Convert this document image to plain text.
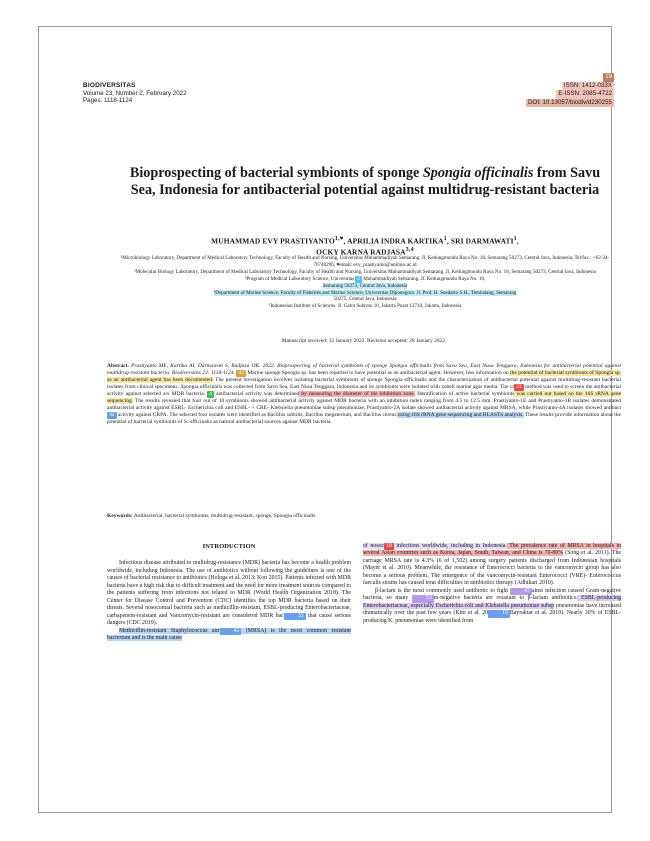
BIODIVERSITAS
Volume 23, Number 2, February 2022
Pages: 1118-1124
19
ISSN: 1412-033X
E-ISSN: 2085-4722
DOI: 10.13057/biodiv/d230255
Bioprospecting of bacterial symbionts of sponge Spongia officinalis from Savu Sea, Indonesia for antibacterial potential against multidrug-resistant bacteria
MUHAMMAD EVY $PRASTIYANTO^{1,♥}$, APRILIA INDRA KARTIKA$^1$, SRI DARMAWATI$^1$,
OCKY KARNA RADJASA$^{3,4}$
¹Microbiology Laboratory, Department of Medical Laboratory Technology, Faculty of Health and Nursing, Universitas Muhammadiyah Semarang. Jl. Kedungmundu Raya No. 18, Semarang 50273, Central Java, Indonesia. Tel/fax.: +62-24-76740296, ♥email: evy_prastiyanto@unimus.ac.id
²Molecular Biology Laboratory, Department of Medical Laboratory Technology, Faculty of Health and Nursing, Universitas Muhammadiyah Semarang. Jl. Kedungmundu Raya No. 18, Semarang 50273, Central Java, Indonesia
³Program of Medical Laboratory Science, Universitas 2 Muhammadiyah Semarang. Jl. Kedungmundu Raya No. 18,
Semarang 50273, Central Java, Indonesia
⁴Department of Marine Science, Faculty of Fisheries and Marine Science, Universitas Diponegoro. Jl. Prof. H. Soedarto S.H., Tembalang, Semarang
50275, Central Java, Indonesia
⁵Indonesian Institute of Sciences. Jl. Gatot Subroto 10, Jakarta Pusat 12710, Jakarta, Indonesia
Manuscript received: 12 January 2022. Revision accepted: 28 January 2022.
Abstract. Prastiyanto ME, Kartika AI, Darmawati S, Radjasa OK. 2022. Bioprospecting of bacterial symbionts of sponge Spongia officinalis from Savu Sea, East Nusa Tenggara, Indonesia for antibacterial potential against multidrug-resistant bacteria. Biodiversitas 23: 1118-1124. 42 Marine sponge Spongia sp. has been reported to have potential as an antibacterial agent. However, less information on the potential of bacterial symbionts of Spongia sp. as an antibacterial agent has been documented. The present investigation involves isolating bacterial symbionts of sponge Spongia officinalis and the characterization of antibacterial potential against multidrug-resistant bacterial isolates from clinical specimens. Spongia officinalis was collected from Savu Sea, East Nusa Tenggara, Indonesia and its symbionts were isolated with zobell marine agar media. The cr 23 method was used to screen the antibacterial activity against selected six MDR bacteria. 4 antibacterial activity was determined by measuring the diameter of the inhibition zone. Identification of active bacterial symbionts was carried out based on the 16S rRNA gene sequencing. The results revealed that four out of 10 symbionts showed antibacterial activity against MDR bacteria with an inhibition index ranging from 4.5 to 12.5 mm. Prastiyanto-1E and Prastiyanto-1B isolates demonstrated antibacterial activity against ESBL- Escherichia coli and ESBL- + CRE- Klebsiella pneumoniae subsp pneumoniae, Prastiyanto-2A isolate showed antibacterial activity against MRSA, while Prastiyanto-4A isolates showed antibact32 activity against CRPA. The selected four isolates were identified as Bacillus subtilis, Bacillus megaterium, and Bacillus cereus using 16S rRNA gene sequencing and BLASTn analysis. These results provide information about the potential of bacterial symbionts of S. officinalis as natural antibacterial sources against MDR bacteria.
Keywords: Antibacterial, bacterial symbionts, multidrug-resistant, sponge, Spongia officinalis
INTRODUCTION

Infectious disease attributed to multidrug-resistance (MDR) bacteria has become a health problem worldwide, including Indonesia. The use of antibiotics without following the guidelines is one of the causes of bacterial resistance to antibiotics (Hologa et al. 2013; Kon 2015). Patients infected with MDR bacteria have a high risk due to difficult treatment and the need for more treatment sources compared to the patients suffering from infections not related to MDR (World Health Organization 2018). The Center for Disease Control and Prevention (CDC) identifies the top MDR bacteria based on their threats. Several nosocomial bacteria such as methicillin-resistant, ESBL-producing Enterobacteriaceae, carbapenem-resistant and Vancomycin-resistant are considered MDR bac 33 that cause serious dangers (CDC 2019).

Methicillin-resistant Staphylococcus aur 41 (MRSA) is the most common resistant bacterium and is the main cause

of nosoc 18 infections worldwide, including in Indonesia. The prevalence rate of MRSA in hospitals in several Asian countries such as Korea, Japan, South, Taiwan, and China is 70-80% (Song et al. 2011). The carriage MRSA rate is 4.3% (6 of 1,502) among surgery patients discharged from Indonesian hospitals (Mayer et al. 2010). Meanwhile, the resistance of Enterococci bacteria to the vancomycin group has also become a serious problem. The emergence of the vancomycin-resistant Enterococci (VRE)- Enterococcus faecalis strains has caused treat difficulties in antibiotics therapy (Adhikari 2010).

β-lactam is the most commonly used antibiotic to fight	47 ainst infection caused Gram-negative bacteria, so many	53 m-negative bacteria are resistant to β-lactam antibiotics. ESBL-producing Enterobacteriaceae, especially Escherichia coli and Klebsiella pneumoniae subsp pneumoniae have increased dramatically over the past few years (Kim et al. 20 19 Bayraktar et al. 2019). Nearly 30% of ESBL-producing K. pneumoniae were identified from
